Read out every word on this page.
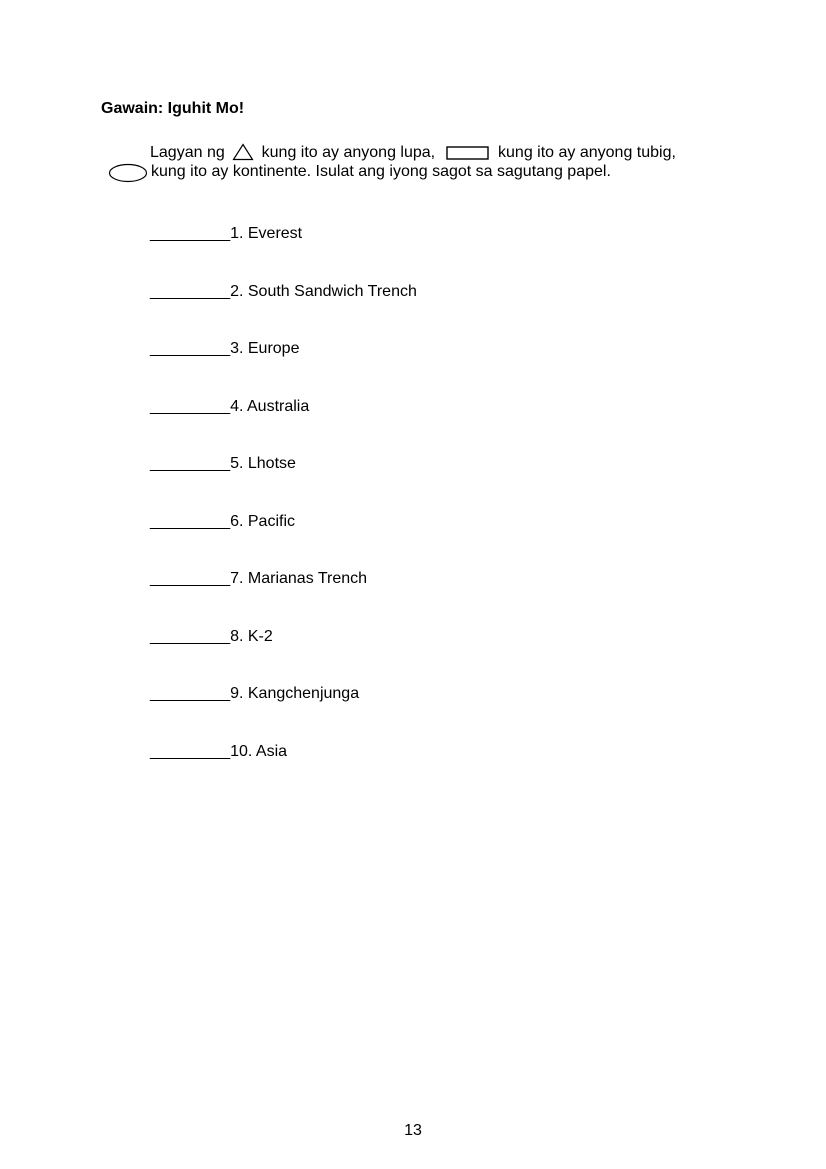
Gawain: Iguhit Mo!
Lagyan ng kung ito ay anyong lupa,	kung ito ay anyong tubig,
kung ito ay kontinente. Isulat ang iyong sagot sa sagutang papel.
_________1. Everest
_________2. South Sandwich Trench
_________3. Europe
_________4. Australia
_________5. Lhotse
_________6. Pacific
_________7. Marianas Trench
_________8. K-2
_________9. Kangchenjunga
_________10. Asia
13
